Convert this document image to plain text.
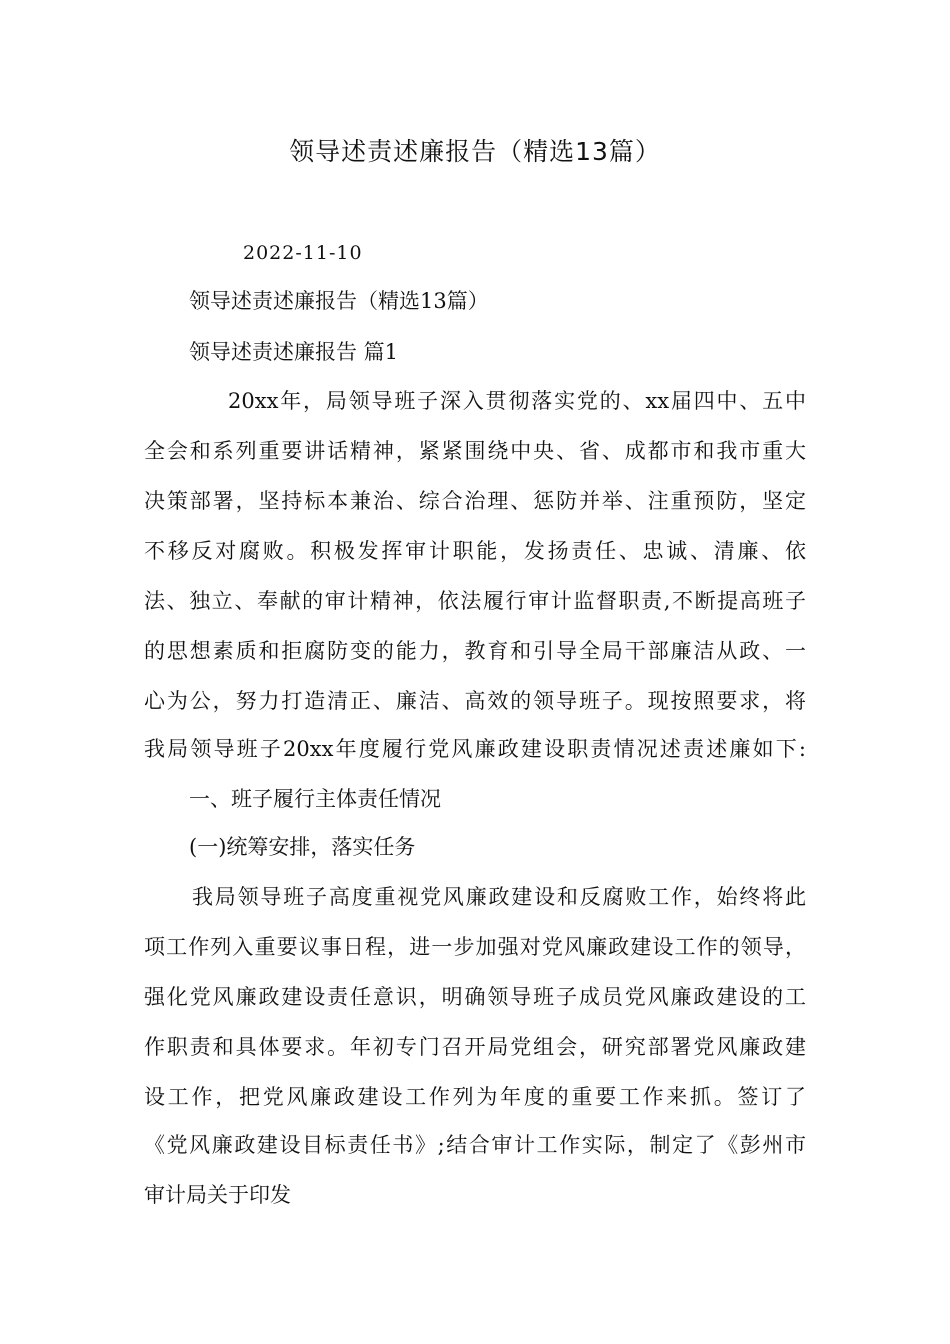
领导述责述廉报告（精选13篇）
2022-11-10
领导述责述廉报告（精选13篇）
领导述责述廉报告 篇1
20xx年，局领导班子深入贯彻落实党的、xx届四中、五中
全会和系列重要讲话精神，紧紧围绕中央、省、成都市和我市重大
决策部署，坚持标本兼治、综合治理、惩防并举、注重预防，坚定
不移反对腐败。积极发挥审计职能，发扬责任、忠诚、清廉、依
法、独立、奉献的审计精神，依法履行审计监督职责,不断提高班子
的思想素质和拒腐防变的能力，教育和引导全局干部廉洁从政、一
心为公，努力打造清正、廉洁、高效的领导班子。现按照要求，将
我局领导班子20xx年度履行党风廉政建设职责情况述责述廉如下:
一、班子履行主体责任情况
(一)统筹安排，落实任务
我局领导班子高度重视党风廉政建设和反腐败工作，始终将此
项工作列入重要议事日程，进一步加强对党风廉政建设工作的领导，
强化党风廉政建设责任意识，明确领导班子成员党风廉政建设的工
作职责和具体要求。年初专门召开局党组会，研究部署党风廉政建
设工作，把党风廉政建设工作列为年度的重要工作来抓。签订了
《党风廉政建设目标责任书》;结合审计工作实际，制定了《彭州市
审计局关于印发
